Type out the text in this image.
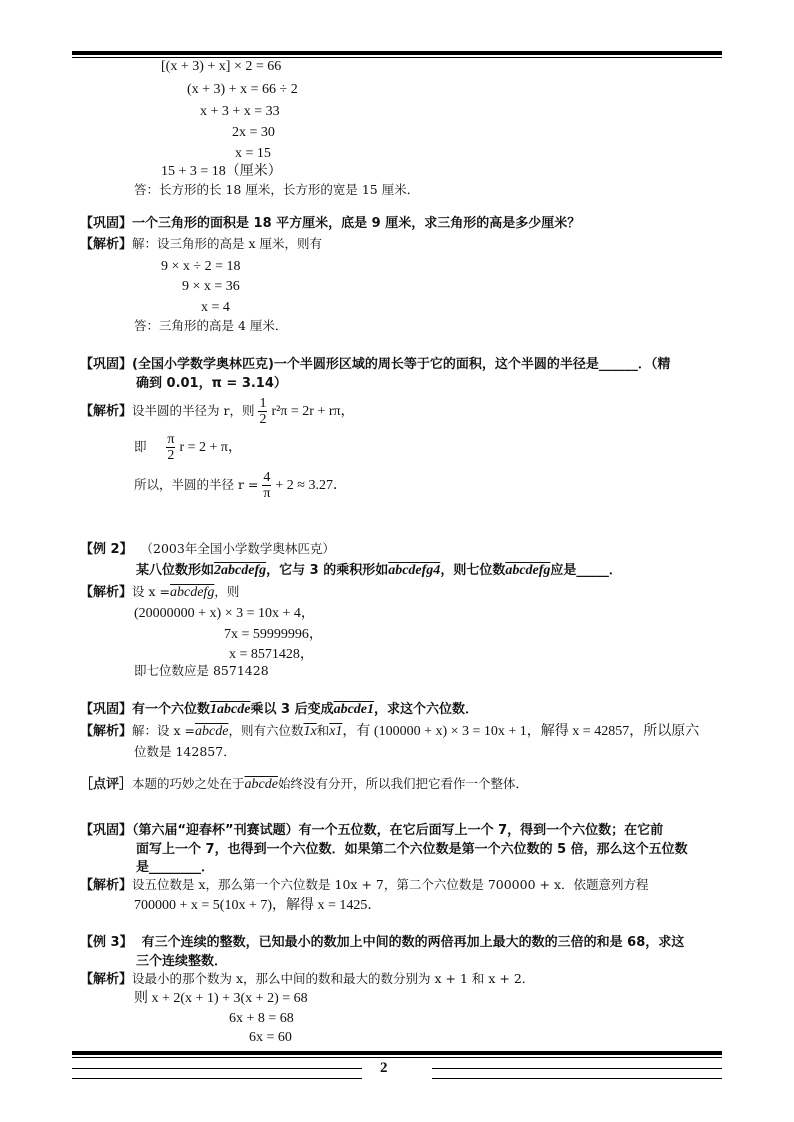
[(x + 3) + x] × 2 = 66
(x + 3) + x = 66 ÷ 2
x + 3 + x = 33
2x = 30
x = 15
15 + 3 = 18（厘米）
答：长方形的长 18 厘米，长方形的宽是 15 厘米．
【巩固】一个三角形的面积是 18 平方厘米，底是 9 厘米，求三角形的高是多少厘米？
【解析】解：设三角形的高是 x 厘米，则有
9 × x ÷ 2 = 18
9 × x = 36
x = 4
答：三角形的高是 4 厘米．
【巩固】(全国小学数学奥林匹克)一个半圆形区域的周长等于它的面积，这个半圆的半径是______．（精
确到 0.01，π = 3.14）
【解析】设半圆的半径为 r，则 $\frac{1}{2} r^2\pi = 2r + r\pi$，
即 $\frac{\pi}{2}$ r = 2 + π，
所以，半圆的半径 $r = \frac{4}{\pi} + 2 \approx 3.27$．
【例 2】 （2003年全国小学数学奥林匹克）
某八位数形如2abcdefg，它与 3 的乘积形如abcdefg4，则七位数abcdefg应是_____．
【解析】设 x =abcdefg，则
(20000000 + x) × 3 = 10x + 4，
7x = 59999996，
x = 8571428，
即七位数应是 8571428
【巩固】有一个六位数1abcde乘以 3 后变成abcde1，求这个六位数．
【解析】解：设 x =abcde，则有六位数1x和x1，有 (100000 + x) × 3 = 10x + 1，解得 x = 42857，所以原六
位数是 142857．
［点评］本题的巧妙之处在于abcde始终没有分开，所以我们把它看作一个整体．
【巩固】（第六届“迎春杯”刊赛试题）有一个五位数，在它后面写上一个 7，得到一个六位数；在它前
面写上一个 7，也得到一个六位数．如果第二个六位数是第一个六位数的 5 倍，那么这个五位数
是________．
【解析】设五位数是 x，那么第一个六位数是 10x + 7，第二个六位数是 700000 + x．依题意列方程
700000 + x = 5(10x + 7)，解得 x = 1425．
【例 3】 有三个连续的整数，已知最小的数加上中间的数的两倍再加上最大的数的三倍的和是 68，求这
三个连续整数．
【解析】设最小的那个数为 x，那么中间的数和最大的数分别为 x + 1 和 x + 2．
则 x + 2(x + 1) + 3(x + 2) = 68
6x + 8 = 68
6x = 60
2
